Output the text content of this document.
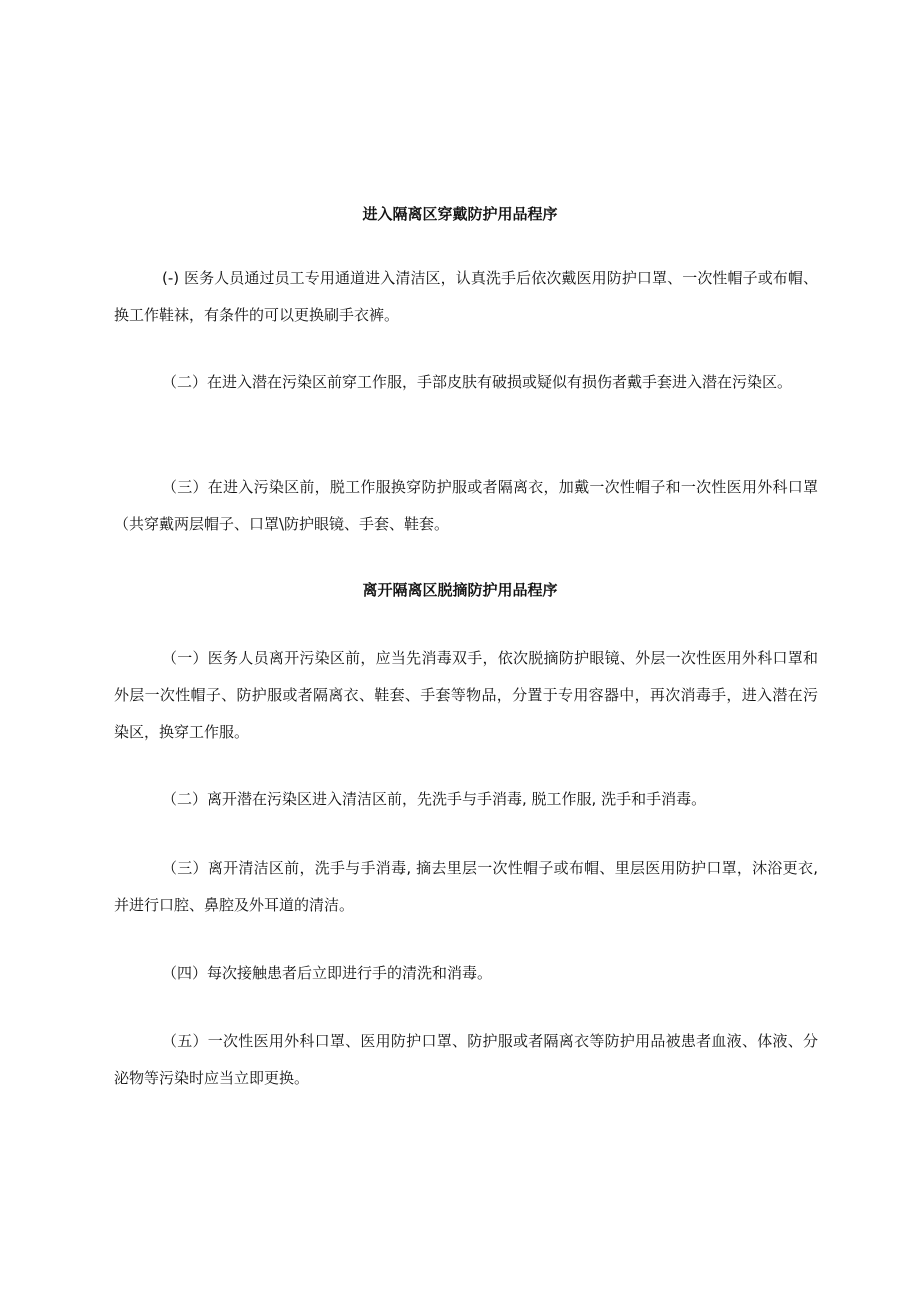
进入隔离区穿戴防护用品程序

(-) 医务人员通过员工专用通道进入清洁区，认真洗手后依次戴医用防护口罩、一次性帽子或布帽、换工作鞋袜，有条件的可以更换刷手衣裤。

（二）在进入潜在污染区前穿工作服，手部皮肤有破损或疑似有损伤者戴手套进入潜在污染区。

（三）在进入污染区前，脱工作服换穿防护服或者隔离衣，加戴一次性帽子和一次性医用外科口罩（共穿戴两层帽子、口罩\防护眼镜、手套、鞋套。

离开隔离区脱摘防护用品程序

（一）医务人员离开污染区前，应当先消毒双手，依次脱摘防护眼镜、外层一次性医用外科口罩和外层一次性帽子、防护服或者隔离衣、鞋套、手套等物品，分置于专用容器中，再次消毒手，进入潜在污染区，换穿工作服。

（二）离开潜在污染区进入清洁区前，先洗手与手消毒, 脱工作服, 洗手和手消毒。

（三）离开清洁区前，洗手与手消毒, 摘去里层一次性帽子或布帽、里层医用防护口罩，沐浴更衣, 并进行口腔、鼻腔及外耳道的清洁。

（四）每次接触患者后立即进行手的清洗和消毒。

（五）一次性医用外科口罩、医用防护口罩、防护服或者隔离衣等防护用品被患者血液、体液、分泌物等污染时应当立即更换。
